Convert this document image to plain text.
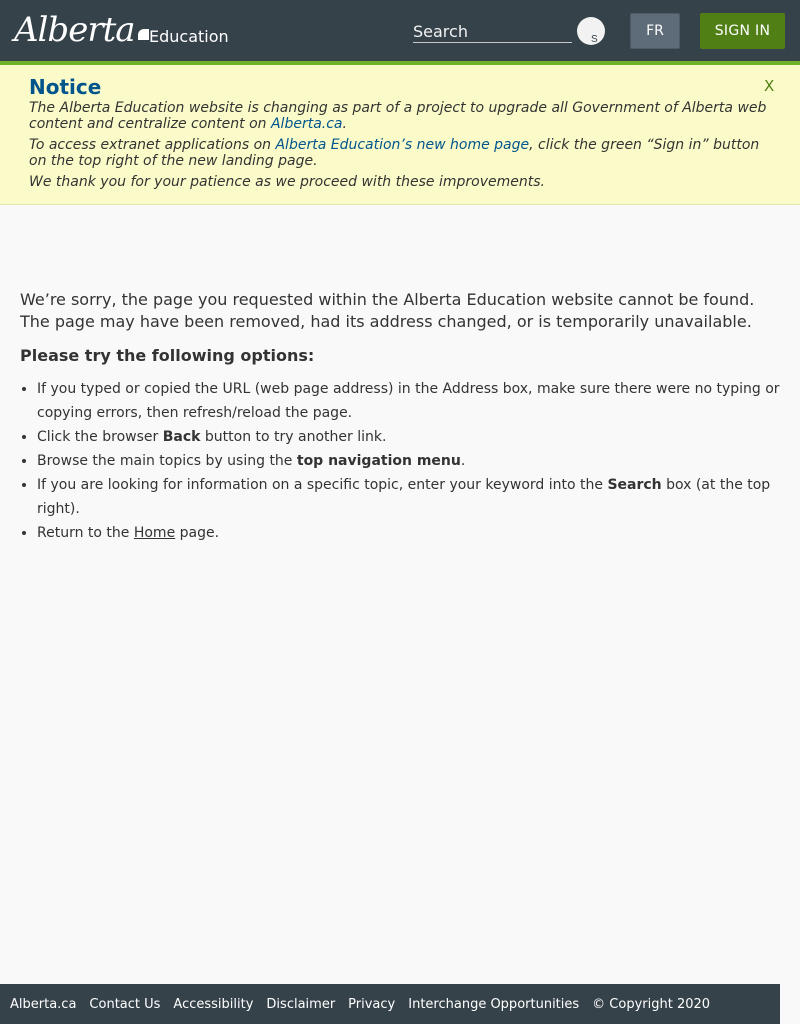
Alberta Education
Search	S
FR	SIGN IN
Notice	X

The Alberta Education website is changing as part of a project to upgrade all Government of Alberta web content and centralize content on Alberta.ca.

To access extranet applications on Alberta Education’s new home page, click the green “Sign in” button on the top right of the new landing page.

We thank you for your patience as we proceed with these improvements.

We’re sorry, the page you requested within the Alberta Education website cannot be found. The page may have been removed, had its address changed, or is temporarily unavailable.

Please try the following options:

• If you typed or copied the URL (web page address) in the Address box, make sure there were no typing or copying errors, then refresh/reload the page.
• Click the browser Back button to try another link.
• Browse the main topics by using the top navigation menu.
• If you are looking for information on a specific topic, enter your keyword into the Search box (at the top right).
• Return to the Home page.
Alberta.ca Contact Us Accessibility Disclaimer Privacy Interchange Opportunities © Copyright 2020
